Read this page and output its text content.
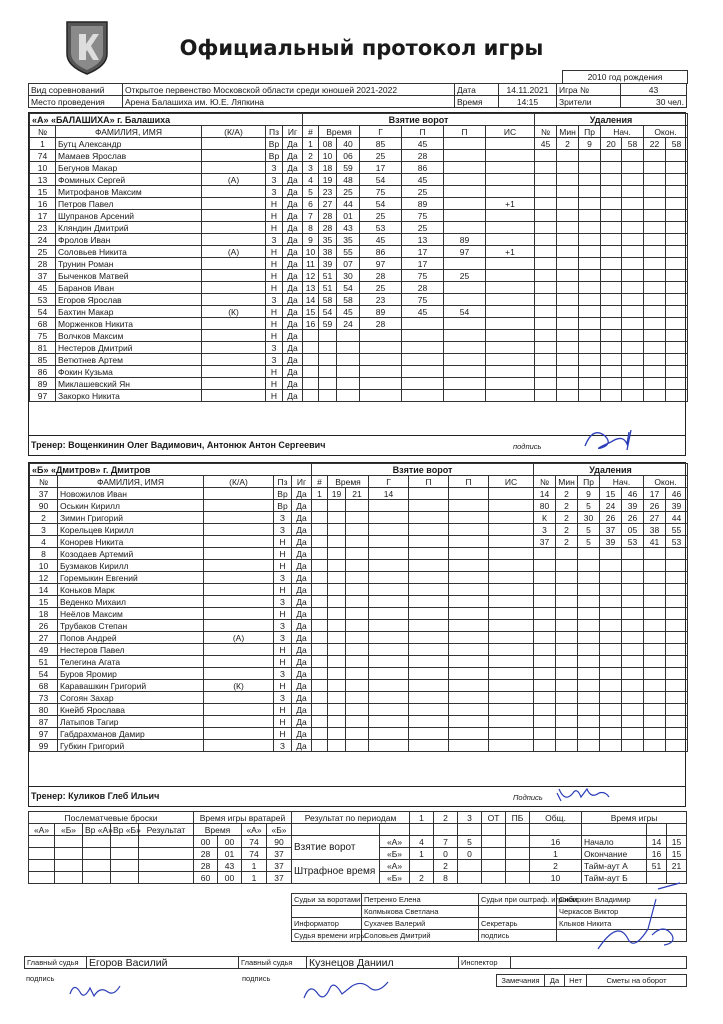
Официальный протокол игры
2010 год рождения
Вид соревнований	Открытое первенство Московской области среди юношей 2021-2022	Дата	14.11.2021	Игра №	43
Место проведения	Арена Балашиха им. Ю.Е. Ляпкина	Время	14:15	Зрители	30 чел.
«А» «БАЛАШИХА» г. Балашиха				
№	ФАМИЛИЯ, ИМЯ	(К/А)	Пз	Иг
1	Бутц Александр		Вр	Да
74	Мамаев Ярослав		Вр	Да
10	Бегунов Макар		З	Да
13	Фоминых Сергей	(А)	З	Да
15	Митрофанов Максим		З	Да
16	Петров Павел		Н	Да
17	Шупранов Арсений		Н	Да
23	Кляндин Дмитрий		Н	Да
24	Фролов Иван		З	Да
25	Соловьев Никита	(А)	Н	Да
28	Трунин Роман		Н	Да
37	Быченков Матвей		Н	Да
45	Баранов Иван		Н	Да
53	Егоров Ярослав		З	Да
54	Бахтин Макар	(К)	Н	Да
68	Морженков Никита		Н	Да
75	Волчков Максим		Н	Да
81	Нестеров Дмитрий		З	Да
85	Ветютнев Артем		З	Да
86	Фокин Кузьма		Н	Да
89	Миклашевский Ян		Н	Да
97	Закорко Никита		Н	Да
Взятие ворот						
#	Время		Г	П	П	ИС
1	08	40	85	45		
2	10	06	25	28		
3	18	59	17	86		
4	19	48	54	45		
5	23	25	75	25		
6	27	44	54	89		+1
7	28	01	25	75		
8	28	43	53	25		
9	35	35	45	13	89	
10	38	55	86	17	97	+1
11	39	07	97	17		
12	51	30	28	75	25	
13	51	54	25	28		
14	58	58	23	75		
15	54	45	89	45	54	
16	59	24	28			

Удаления						
№	Мин	Пр	Нач.		Окон.	
45	2	9	20	58	22	58

Тренер: Вощенкинин Олег Вадимович, Антонюк Антон Сергеевич	подпись
«Б» «Дмитров» г. Дмитров				
№	ФАМИЛИЯ, ИМЯ	(К/А)	Пз	Иг
37	Новожилов Иван		Вр	Да
90	Оськин Кирилл		Вр	Да
2	Зимин Григорий		З	Да
3	Корельцев Кирилл		З	Да
4	Конорев Никита		Н	Да
8	Козодаев Артемий		Н	Да
10	Бузмаков Кирилл		Н	Да
12	Горемыкин Евгений		З	Да
14	Коньков Марк		Н	Да
15	Веденко Михаил		З	Да
18	Неёлов Максим		Н	Да
26	Трубаков Степан		З	Да
27	Попов Андрей	(А)	З	Да
49	Нестеров Павел		Н	Да
51	Телегина Агата		Н	Да
54	Буров Яромир		З	Да
68	Каравашкин Григорий	(К)	Н	Да
73	Согоян Захар		З	Да
80	Кнейб Ярослава		Н	Да
87	Латыпов Тагир		Н	Да
97	Габдрахманов Дамир		Н	Да
99	Губкин Григорий		З	Да
Взятие ворот						
#	Время		Г	П	П	ИС
1	19	21	14			

Удаления						
№	Мин	Пр	Нач.		Окон.	
14	2	9	15	46	17	46
80	2	5	24	39	26	39
К	2	30	26	26	27	44
3	2	5	37	05	38	55
37	2	5	39	53	41	53

Тренер: Куликов Глеб Ильич	Подпись
Послематчевые броски				
«А»	«Б»	Вр «А»	Вр «Б»	Результат

Время игры вратарей			
Время		«А»	«Б»
00	00	74	90
28	01	74	37
28	43	1	37
60	00	1	37
Результат по периодам		1	2	3	ОТ	ПБ	Общ.

Взятие ворот	«А»	4	7	5			16
	«Б»	1	0	0			1
Штрафное время	«А»		2				2
	«Б»	2	8				10
Время игры		

Начало	14	15
Окончание	16	15
Тайм-аут А	51	21
Тайм-аут Б		
Судьи за воротами	Петренко Елена	Судьи при оштраф. игроках	Сибиркин Владимир
	Колмыкова Светлана		Черкасов Виктор
Информатор	Сухачев Валерий	Секретарь	Клыков Никита
Судья времени игры	Соловьев Дмитрий	подпись	
Главный судья	Егоров Василий	Главный судья	Кузнецов Даниил	Инспектор	
подпись	подпись	Замечания	Да	Нет	Сметы на оборот
